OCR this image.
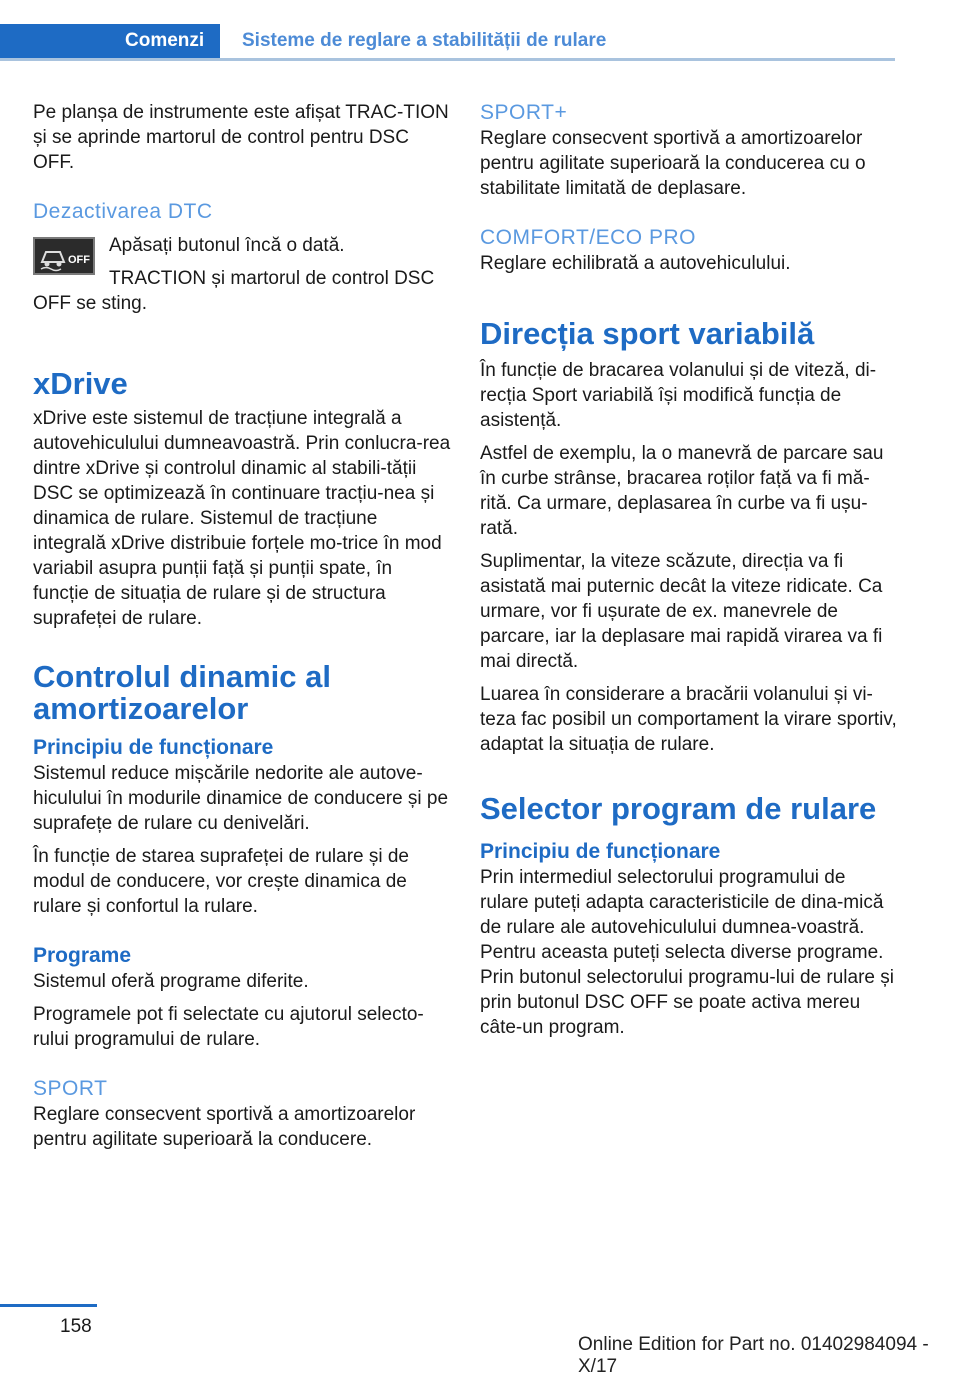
Comenzi	Sisteme de reglare a stabilității de rulare

Pe planșa de instrumente este afișat TRAC-TION și se aprinde martorul de control pentru DSC OFF.

Dezactivarea DTC
OFF

Apăsați butonul încă o dată.

TRACTION și martorul de control DSC OFF se sting.

xDrive

xDrive este sistemul de tracțiune integrală a autovehiculului dumneavoastră. Prin conlucra-rea dintre xDrive și controlul dinamic al stabili-tății DSC se optimizează în continuare tracțiu-nea și dinamica de rulare. Sistemul de tracțiune integrală xDrive distribuie forțele mo-trice în mod variabil asupra punții față și punții spate, în funcție de situația de rulare și de structura suprafeței de rulare.

Controlul dinamic al amortizoarelor
Principiu de funcționare

Sistemul reduce mișcările nedorite ale autove-hiculului în modurile dinamice de conducere și pe suprafețe de rulare cu denivelări.

În funcție de starea suprafeței de rulare și de modul de conducere, vor crește dinamica de rulare și confortul la rulare.

Programe

Sistemul oferă programe diferite.

Programele pot fi selectate cu ajutorul selecto-rului programului de rulare.

SPORT

Reglare consecvent sportivă a amortizoarelor pentru agilitate superioară la conducere.

SPORT+

Reglare consecvent sportivă a amortizoarelor pentru agilitate superioară la conducerea cu o stabilitate limitată de deplasare.

COMFORT/ECO PRO

Reglare echilibrată a autovehiculului.

Direcția sport variabilă

În funcție de bracarea volanului și de viteză, di-recția Sport variabilă își modifică funcția de asistență.

Astfel de exemplu, la o manevră de parcare sau în curbe strânse, bracarea roților față va fi mă-rită. Ca urmare, deplasarea în curbe va fi ușu-rată.

Suplimentar, la viteze scăzute, direcția va fi asistată mai puternic decât la viteze ridicate. Ca urmare, vor fi ușurate de ex. manevrele de parcare, iar la deplasare mai rapidă virarea va fi mai directă.

Luarea în considerare a bracării volanului și vi-teza fac posibil un comportament la virare sportiv, adaptat la situația de rulare.

Selector program de rulare
Principiu de funcționare

Prin intermediul selectorului programului de rulare puteți adapta caracteristicile de dina-mică de rulare ale autovehiculului dumnea-voastră. Pentru aceasta puteți selecta diverse programe. Prin butonul selectorului programu-lui de rulare și prin butonul DSC OFF se poate activa mereu câte-un program.

158
Online Edition for Part no. 01402984094 - X/17
